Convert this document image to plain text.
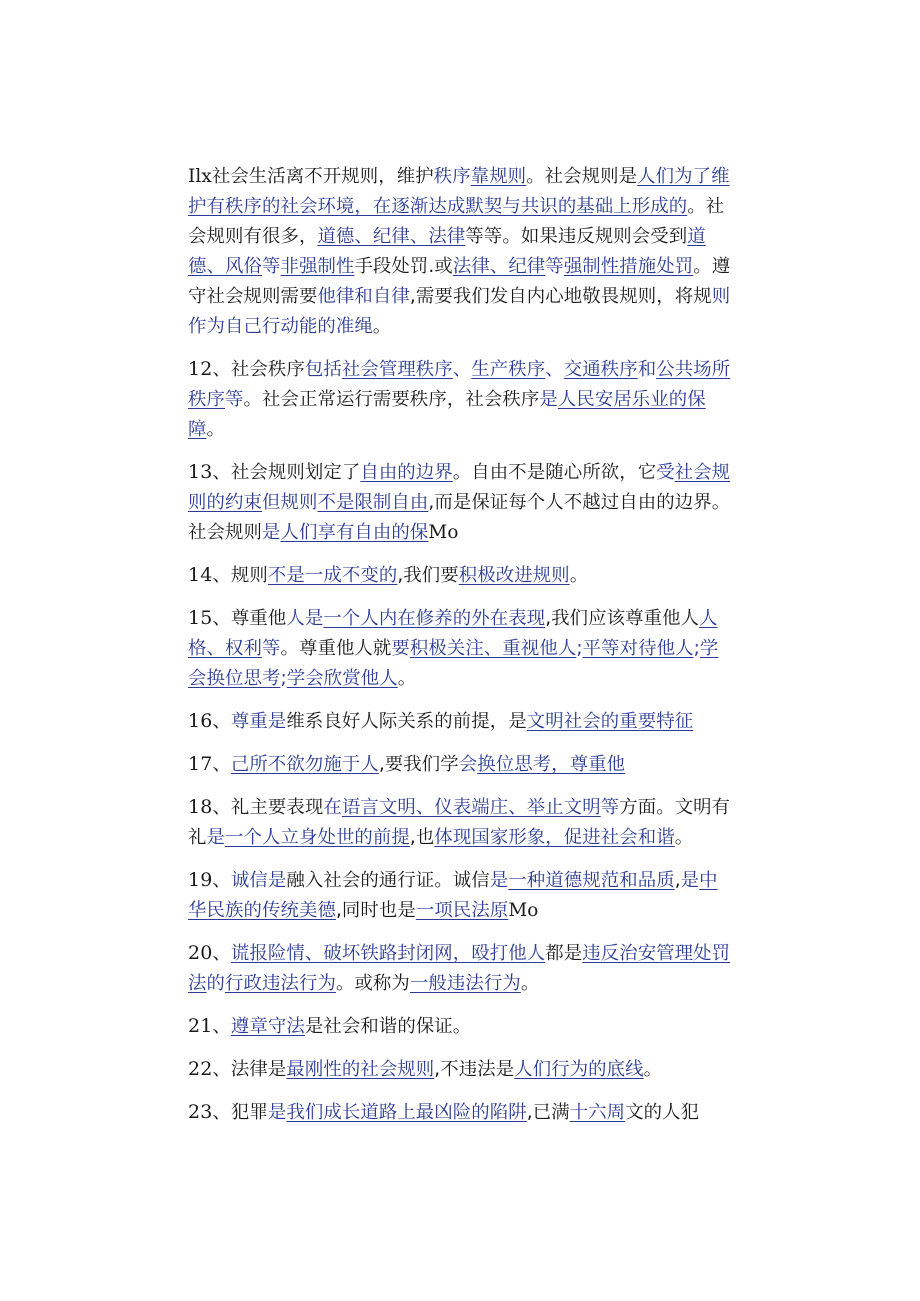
Ilx社会生活离不开规则，维护秩序靠规则。社会规则是人们为了维护有秩序的社会环境，在逐渐达成默契与共识的基础上形成的。社会规则有很多，道德、纪律、法律等等。如果违反规则会受到道德、风俗等非强制性手段处罚.或法律、纪律等强制性措施处罚。遵守社会规则需要他律和自律,需要我们发自内心地敬畏规则，将规则作为自己行动能的准绳。

12、社会秩序包括社会管理秩序、生产秩序、交通秩序和公共场所秩序等。社会正常运行需要秩序，社会秩序是人民安居乐业的保障。

13、社会规则划定了自由的边界。自由不是随心所欲，它受社会规则的约束但规则不是限制自由,而是保证每个人不越过自由的边界。社会规则是人们享有自由的保Mo

14、规则不是一成不变的,我们要积极改进规则。

15、尊重他人是一个人内在修养的外在表现,我们应该尊重他人人格、权利等。尊重他人就要积极关注、重视他人;平等对待他人;学会换位思考;学会欣赏他人。

16、尊重是维系良好人际关系的前提，是文明社会的重要特征

17、己所不欲勿施于人,要我们学会换位思考，尊重他

18、礼主要表现在语言文明、仪表端庄、举止文明等方面。文明有礼是一个人立身处世的前提,也体现国家形象，促进社会和谐。

19、诚信是融入社会的通行证。诚信是一种道德规范和品质,是中华民族的传统美德,同时也是一项民法原Mo

20、谎报险情、破坏铁路封闭网，殴打他人都是违反治安管理处罚法的行政违法行为。或称为一般违法行为。

21、遵章守法是社会和谐的保证。

22、法律是最刚性的社会规则,不违法是人们行为的底线。

23、犯罪是我们成长道路上最凶险的陷阱,已满十六周文的人犯
